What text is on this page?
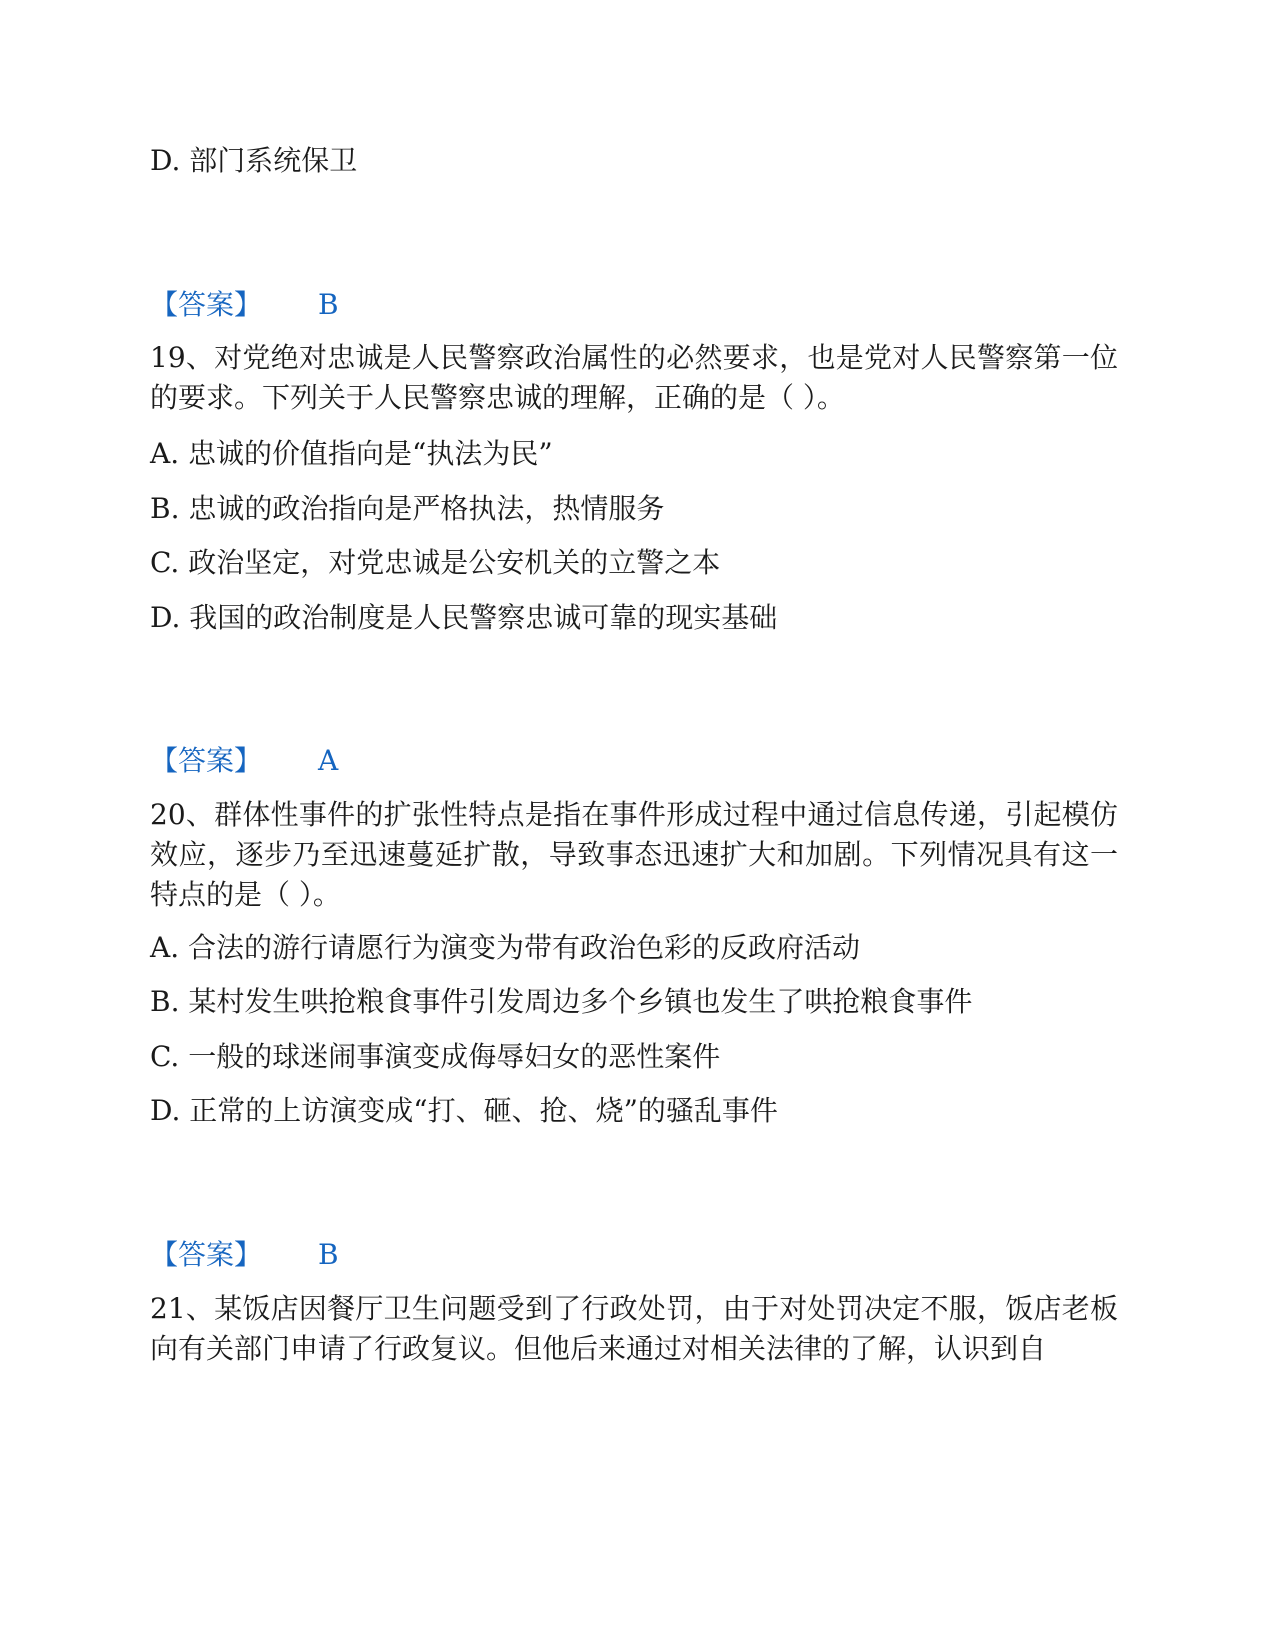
D. 部门系统保卫
【答案】 B
19、对党绝对忠诚是人民警察政治属性的必然要求，也是党对人民警察第一位的要求。下列关于人民警察忠诚的理解，正确的是（ ）。
A. 忠诚的价值指向是“执法为民”
B. 忠诚的政治指向是严格执法，热情服务
C. 政治坚定，对党忠诚是公安机关的立警之本
D. 我国的政治制度是人民警察忠诚可靠的现实基础
【答案】 A
20、群体性事件的扩张性特点是指在事件形成过程中通过信息传递，引起模仿效应，逐步乃至迅速蔓延扩散，导致事态迅速扩大和加剧。下列情况具有这一特点的是（ ）。
A. 合法的游行请愿行为演变为带有政治色彩的反政府活动
B. 某村发生哄抢粮食事件引发周边多个乡镇也发生了哄抢粮食事件
C. 一般的球迷闹事演变成侮辱妇女的恶性案件
D. 正常的上访演变成“打、砸、抢、烧”的骚乱事件
【答案】 B
21、某饭店因餐厅卫生问题受到了行政处罚，由于对处罚决定不服，饭店老板向有关部门申请了行政复议。但他后来通过对相关法律的了解，认识到自
